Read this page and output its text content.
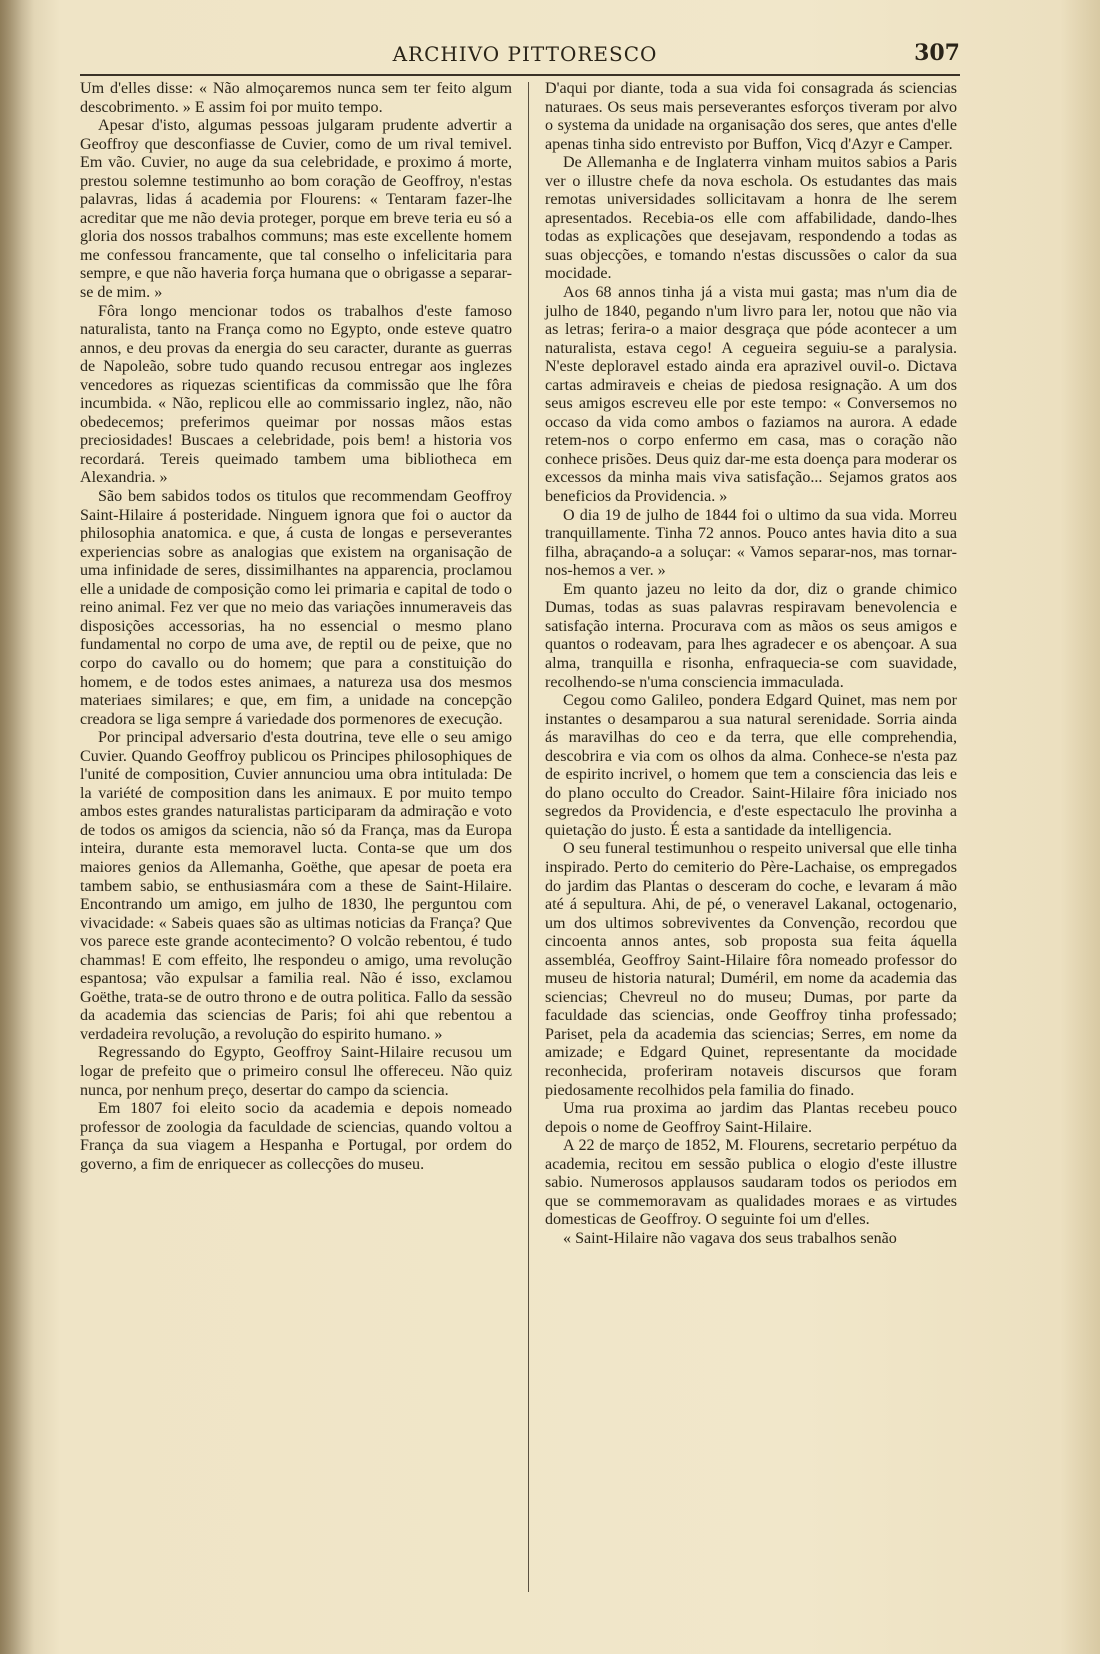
ARCHIVO PITTORESCO	307

Um d'elles disse: « Não almoçaremos nunca sem ter feito algum descobrimento. » E assim foi por muito tempo.

Apesar d'isto, algumas pessoas julgaram prudente advertir a Geoffroy que desconfiasse de Cuvier, como de um rival temivel. Em vão. Cuvier, no auge da sua celebridade, e proximo á morte, prestou solemne testimunho ao bom coração de Geoffroy, n'estas palavras, lidas á academia por Flourens: « Tentaram fazer-lhe acreditar que me não devia proteger, porque em breve teria eu só a gloria dos nossos trabalhos communs; mas este excellente homem me confessou francamente, que tal conselho o infelicitaria para sempre, e que não haveria força humana que o obrigasse a separar-se de mim. »

Fôra longo mencionar todos os trabalhos d'este famoso naturalista, tanto na França como no Egypto, onde esteve quatro annos, e deu provas da energia do seu caracter, durante as guerras de Napoleão, sobre tudo quando recusou entregar aos inglezes vencedores as riquezas scientificas da commissão que lhe fôra incumbida. « Não, replicou elle ao commissario inglez, não, não obedecemos; preferimos queimar por nossas mãos estas preciosidades! Buscaes a celebridade, pois bem! a historia vos recordará. Tereis queimado tambem uma bibliotheca em Alexandria. »

São bem sabidos todos os titulos que recommendam Geoffroy Saint-Hilaire á posteridade. Ninguem ignora que foi o auctor da philosophia anatomica. e que, á custa de longas e perseverantes experiencias sobre as analogias que existem na organisação de uma infinidade de seres, dissimilhantes na apparencia, proclamou elle a unidade de composição como lei primaria e capital de todo o reino animal. Fez ver que no meio das variações innumeraveis das disposições accessorias, ha no essencial o mesmo plano fundamental no corpo de uma ave, de reptil ou de peixe, que no corpo do cavallo ou do homem; que para a constituição do homem, e de todos estes animaes, a natureza usa dos mesmos materiaes similares; e que, em fim, a unidade na concepção creadora se liga sempre á variedade dos pormenores de execução.

Por principal adversario d'esta doutrina, teve elle o seu amigo Cuvier. Quando Geoffroy publicou os Principes philosophiques de l'unité de composition, Cuvier annunciou uma obra intitulada: De la variété de composition dans les animaux. E por muito tempo ambos estes grandes naturalistas participaram da admiração e voto de todos os amigos da sciencia, não só da França, mas da Europa inteira, durante esta memoravel lucta. Conta-se que um dos maiores genios da Allemanha, Goëthe, que apesar de poeta era tambem sabio, se enthusiasmára com a these de Saint-Hilaire. Encontrando um amigo, em julho de 1830, lhe perguntou com vivacidade: « Sabeis quaes são as ultimas noticias da França? Que vos parece este grande acontecimento? O volcão rebentou, é tudo chammas! E com effeito, lhe respondeu o amigo, uma revolução espantosa; vão expulsar a familia real. Não é isso, exclamou Goëthe, trata-se de outro throno e de outra politica. Fallo da sessão da academia das sciencias de Paris; foi ahi que rebentou a verdadeira revolução, a revolução do espirito humano. »

Regressando do Egypto, Geoffroy Saint-Hilaire recusou um logar de prefeito que o primeiro consul lhe offereceu. Não quiz nunca, por nenhum preço, desertar do campo da sciencia.

Em 1807 foi eleito socio da academia e depois nomeado professor de zoologia da faculdade de sciencias, quando voltou a França da sua viagem a Hespanha e Portugal, por ordem do governo, a fim de enriquecer as collecções do museu.

D'aqui por diante, toda a sua vida foi consagrada ás sciencias naturaes. Os seus mais perseverantes esforços tiveram por alvo o systema da unidade na organisação dos seres, que antes d'elle apenas tinha sido entrevisto por Buffon, Vicq d'Azyr e Camper.

De Allemanha e de Inglaterra vinham muitos sabios a Paris ver o illustre chefe da nova eschola. Os estudantes das mais remotas universidades sollicitavam a honra de lhe serem apresentados. Recebia-os elle com affabilidade, dando-lhes todas as explicações que desejavam, respondendo a todas as suas objecções, e tomando n'estas discussões o calor da sua mocidade.

Aos 68 annos tinha já a vista mui gasta; mas n'um dia de julho de 1840, pegando n'um livro para ler, notou que não via as letras; ferira-o a maior desgraça que póde acontecer a um naturalista, estava cego! A cegueira seguiu-se a paralysia. N'este deploravel estado ainda era aprazivel ouvil-o. Dictava cartas admiraveis e cheias de piedosa resignação. A um dos seus amigos escreveu elle por este tempo: « Conversemos no occaso da vida como ambos o faziamos na aurora. A edade retem-nos o corpo enfermo em casa, mas o coração não conhece prisões. Deus quiz dar-me esta doença para moderar os excessos da minha mais viva satisfação... Sejamos gratos aos beneficios da Providencia. »

O dia 19 de julho de 1844 foi o ultimo da sua vida. Morreu tranquillamente. Tinha 72 annos. Pouco antes havia dito a sua filha, abraçando-a a soluçar: « Vamos separar-nos, mas tornar-nos-hemos a ver. »

Em quanto jazeu no leito da dor, diz o grande chimico Dumas, todas as suas palavras respiravam benevolencia e satisfação interna. Procurava com as mãos os seus amigos e quantos o rodeavam, para lhes agradecer e os abençoar. A sua alma, tranquilla e risonha, enfraquecia-se com suavidade, recolhendo-se n'uma consciencia immaculada.

Cegou como Galileo, pondera Edgard Quinet, mas nem por instantes o desamparou a sua natural serenidade. Sorria ainda ás maravilhas do ceo e da terra, que elle comprehendia, descobrira e via com os olhos da alma. Conhece-se n'esta paz de espirito incrivel, o homem que tem a consciencia das leis e do plano occulto do Creador. Saint-Hilaire fôra iniciado nos segredos da Providencia, e d'este espectaculo lhe provinha a quietação do justo. É esta a santidade da intelligencia.

O seu funeral testimunhou o respeito universal que elle tinha inspirado. Perto do cemiterio do Père-Lachaise, os empregados do jardim das Plantas o desceram do coche, e levaram á mão até á sepultura. Ahi, de pé, o veneravel Lakanal, octogenario, um dos ultimos sobreviventes da Convenção, recordou que cincoenta annos antes, sob proposta sua feita áquella assembléa, Geoffroy Saint-Hilaire fôra nomeado professor do museu de historia natural; Duméril, em nome da academia das sciencias; Chevreul no do museu; Dumas, por parte da faculdade das sciencias, onde Geoffroy tinha professado; Pariset, pela da academia das sciencias; Serres, em nome da amizade; e Edgard Quinet, representante da mocidade reconhecida, proferiram notaveis discursos que foram piedosamente recolhidos pela familia do finado.

Uma rua proxima ao jardim das Plantas recebeu pouco depois o nome de Geoffroy Saint-Hilaire.

A 22 de março de 1852, M. Flourens, secretario perpétuo da academia, recitou em sessão publica o elogio d'este illustre sabio. Numerosos applausos saudaram todos os periodos em que se commemoravam as qualidades moraes e as virtudes domesticas de Geoffroy. O seguinte foi um d'elles.

« Saint-Hilaire não vagava dos seus trabalhos senão
